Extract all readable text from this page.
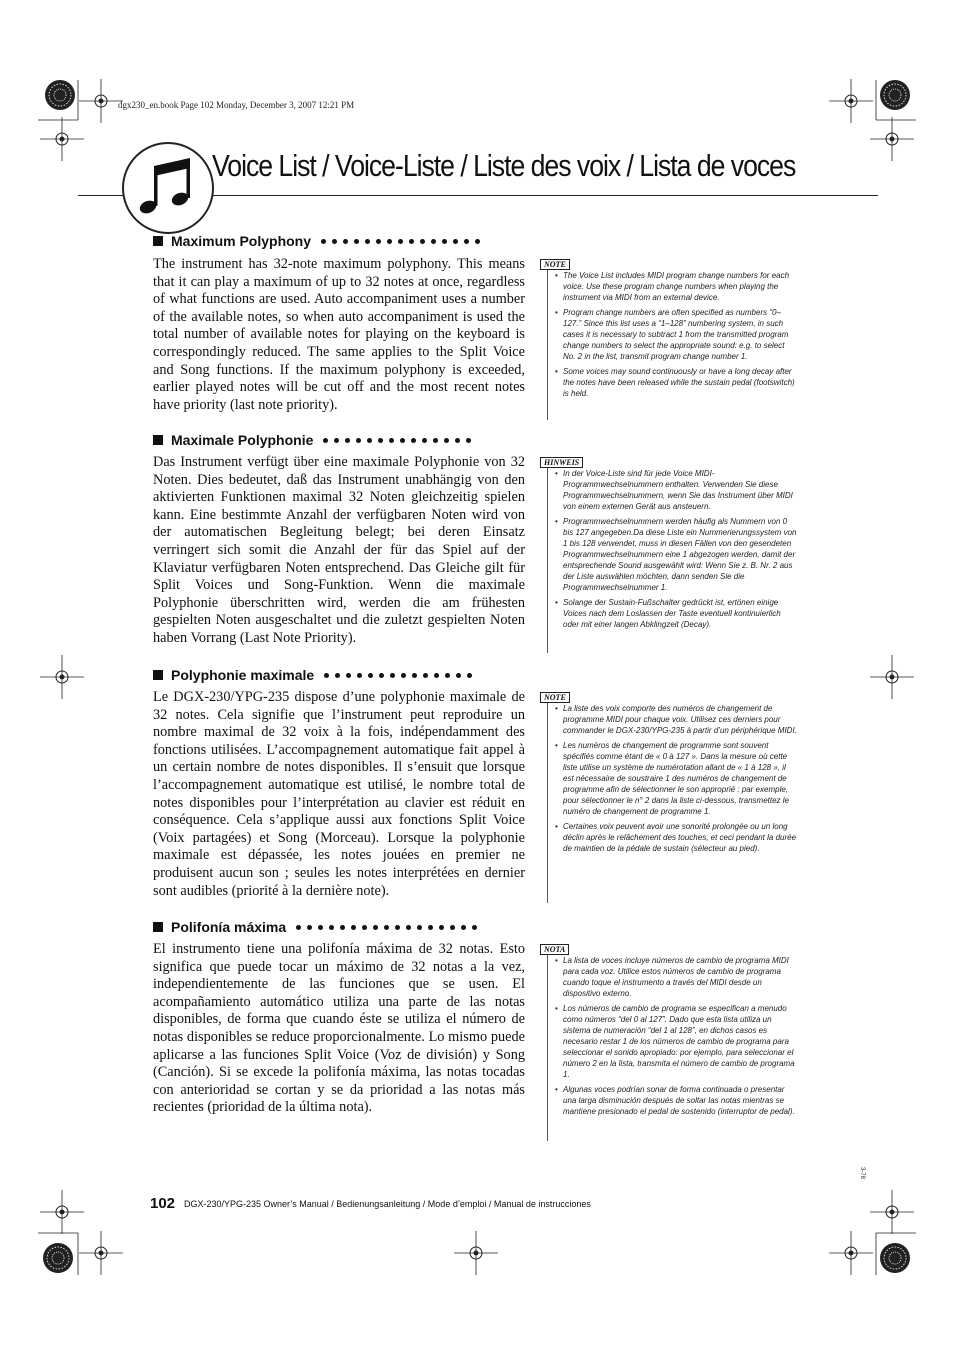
dgx230_en.book Page 102 Monday, December 3, 2007 12:21 PM
Voice List / Voice-Liste / Liste des voix / Lista de voces
Maximum Polyphony
The instrument has 32-note maximum polyphony. This means that it can play a maximum of up to 32 notes at once, regardless of what functions are used. Auto accompaniment uses a number of the available notes, so when auto accompaniment is used the total number of available notes for playing on the keyboard is correspondingly reduced. The same applies to the Split Voice and Song functions. If the maximum polyphony is exceeded, earlier played notes will be cut off and the most recent notes have priority (last note priority).
NOTE
• The Voice List includes MIDI program change numbers for each voice. Use these program change numbers when playing the instrument via MIDI from an external device.
• Program change numbers are often specified as numbers “0–127.” Since this list uses a “1–128” numbering system, in such cases it is necessary to subtract 1 from the transmitted program change numbers to select the appropriate sound: e.g. to select No. 2 in the list, transmit program change number 1.
• Some voices may sound continuously or have a long decay after the notes have been released while the sustain pedal (footswitch) is held.
Maximale Polyphonie
Das Instrument verfügt über eine maximale Polyphonie von 32 Noten. Dies bedeutet, daß das Instrument unabhängig von den aktivierten Funktionen maximal 32 Noten gleichzeitig spielen kann. Eine bestimmte Anzahl der verfügbaren Noten wird von der automatischen Begleitung belegt; bei deren Einsatz verringert sich somit die Anzahl der für das Spiel auf der Klaviatur verfügbaren Noten entsprechend. Das Gleiche gilt für Split Voices und Song-Funktion. Wenn die maximale Polyphonie überschritten wird, werden die am frühesten gespielten Noten ausgeschaltet und die zuletzt gespielten Noten haben Vorrang (Last Note Priority).
HINWEIS
• In der Voice-Liste sind für jede Voice MIDI-Programmwechselnummern enthalten. Verwenden Sie diese Programmwechselnummern, wenn Sie das Instrument über MIDI von einem externen Gerät aus ansteuern.
• Programmwechselnummern werden häufig als Nummern von 0 bis 127 angegeben.Da diese Liste ein Nummerierungssystem von 1 bis 128 verwendet, muss in diesen Fällen von den gesendeten Programmwechselnummern eine 1 abgezogen werden, damit der entsprechende Sound ausgewählt wird: Wenn Sie z. B. Nr. 2 aus der Liste auswählen möchten, dann senden Sie die Programmwechselnummer 1.
• Solange der Sustain-Fußschalter gedrückt ist, ertönen einige Voices nach dem Loslassen der Taste eventuell kontinuierlich oder mit einer langen Abklingzeit (Decay).
Polyphonie maximale
Le DGX-230/YPG-235 dispose d’une polyphonie maximale de 32 notes. Cela signifie que l’instrument peut reproduire un nombre maximal de 32 voix à la fois, indépendamment des fonctions utilisées. L’accompagnement automatique fait appel à un certain nombre de notes disponibles. Il s’ensuit que lorsque l’accompagnement automatique est utilisé, le nombre total de notes disponibles pour l’interprétation au clavier est réduit en conséquence. Cela s’applique aussi aux fonctions Split Voice (Voix partagées) et Song (Morceau). Lorsque la polyphonie maximale est dépassée, les notes jouées en premier ne produisent aucun son ; seules les notes interprétées en dernier sont audibles (priorité à la dernière note).
NOTE
• La liste des voix comporte des numéros de changement de programme MIDI pour chaque voix. Utilisez ces derniers pour commander le DGX-230/YPG-235 à partir d’un périphérique MIDI.
• Les numéros de changement de programme sont souvent spécifiés comme étant de « 0 à 127 ». Dans la mesure où cette liste utilise un système de numérotation allant de « 1 à 128 », il est nécessaire de soustraire 1 des numéros de changement de programme afin de sélectionner le son approprié : par exemple, pour sélectionner le n° 2 dans la liste ci-dessous, transmettez le numéro de changement de programme 1.
• Certaines voix peuvent avoir une sonorité prolongée ou un long déclin après le relâchement des touches, et ceci pendant la durée de maintien de la pédale de sustain (sélecteur au pied).
Polifonía máxima
El instrumento tiene una polifonía máxima de 32 notas. Esto significa que puede tocar un máximo de 32 notas a la vez, independientemente de las funciones que se usen. El acompañamiento automático utiliza una parte de las notas disponibles, de forma que cuando éste se utiliza el número de notas disponibles se reduce proporcionalmente. Lo mismo puede aplicarse a las funciones Split Voice (Voz de división) y Song (Canción). Si se excede la polifonía máxima, las notas tocadas con anterioridad se cortan y se da prioridad a las notas más recientes (prioridad de la última nota).
NOTA
• La lista de voces incluye números de cambio de programa MIDI para cada voz. Utilice estos números de cambio de programa cuando toque el instrumento a través del MIDI desde un dispositivo externo.
• Los números de cambio de programa se especifican a menudo como números “del 0 al 127”. Dado que esta lista utiliza un sistema de numeración “del 1 al 128”, en dichos casos es necesario restar 1 de los números de cambio de programa para seleccionar el sonido apropiado: por ejemplo, para seleccionar el número 2 en la lista, transmita el número de cambio de programa 1.
• Algunas voces podrían sonar de forma continuada o presentar una larga disminución después de soltar las notas mientras se mantiene presionado el pedal de sostenido (interruptor de pedal).
3-78
102 DGX-230/YPG-235 Owner’s Manual / Bedienungsanleitung / Mode d’emploi / Manual de instrucciones
